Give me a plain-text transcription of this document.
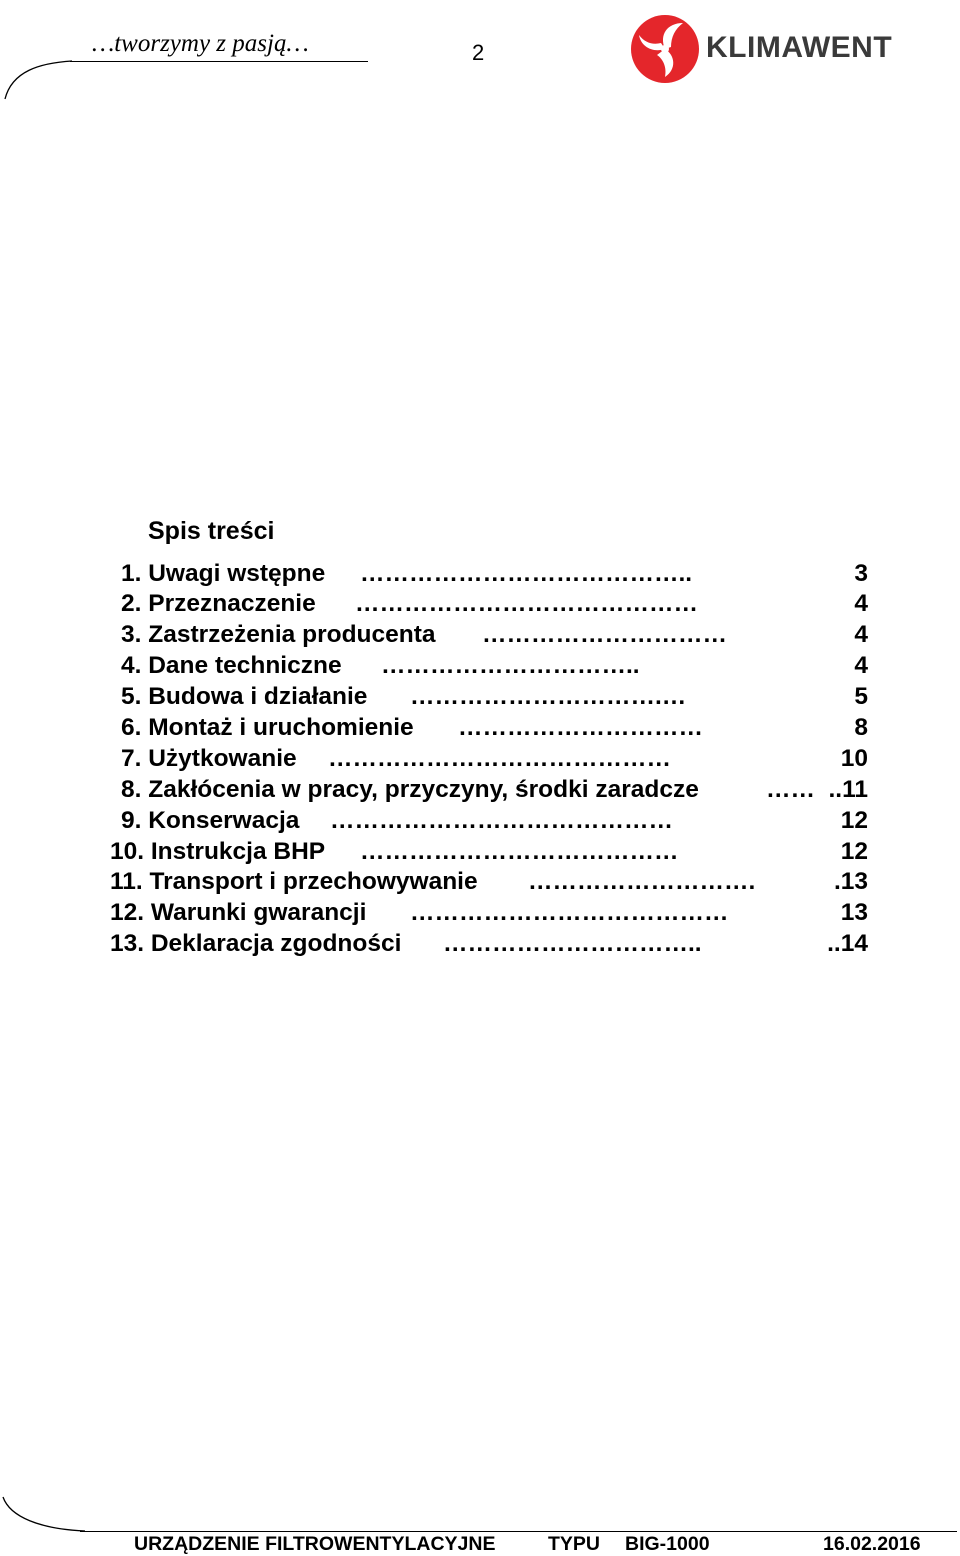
…tworzymy z pasją…	2	KLIMAWENT
Spis treści
1. Uwagi wstępne	3
…………………………………..
2. Przeznaczenie	4
……………………………………
3. Zastrzeżenia producenta	4
…………………………
4. Dane techniczne	4
…………………………..
5. Budowa i działanie	5
………………………….…
6. Montaż i uruchomienie	8
…………………………
7. Użytkowanie	10
……………………………………
8. Zakłócenia w pracy, przyczyny, środki zaradcze	..11
……
9. Konserwacja	12
……………………………………
10. Instrukcja BHP	12
…………………………………
11. Transport i przechowywanie	.13
……………………….
12. Warunki gwarancji	13
…………………………………
13. Deklaracja zgodności	..14
…………………………..
URZĄDZENIE FILTROWENTYLACYJNE	TYPU BIG-1000	16.02.2016
